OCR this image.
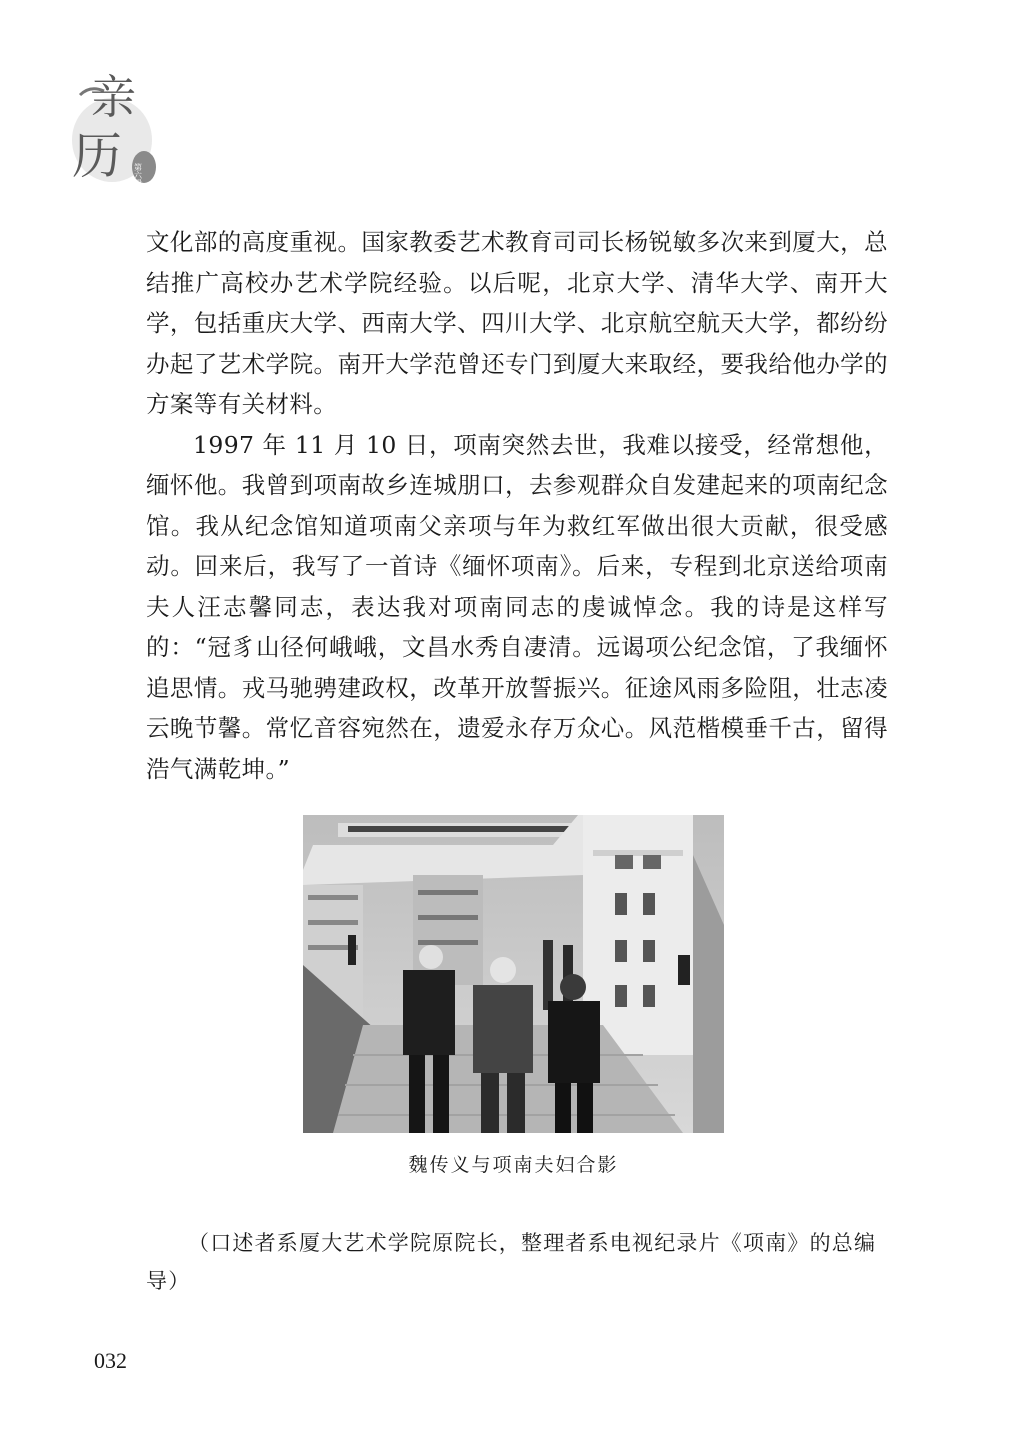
亲
历 第六辑

文化部的高度重视。国家教委艺术教育司司长杨锐敏多次来到厦大，总结推广高校办艺术学院经验。以后呢，北京大学、清华大学、南开大学，包括重庆大学、西南大学、四川大学、北京航空航天大学，都纷纷办起了艺术学院。南开大学范曾还专门到厦大来取经，要我给他办学的方案等有关材料。

1997 年 11 月 10 日，项南突然去世，我难以接受，经常想他，缅怀他。我曾到项南故乡连城朋口，去参观群众自发建起来的项南纪念馆。我从纪念馆知道项南父亲项与年为救红军做出很大贡献，很受感动。回来后，我写了一首诗《缅怀项南》。后来，专程到北京送给项南夫人汪志馨同志，表达我对项南同志的虔诚悼念。我的诗是这样写的：“冠豸山径何峨峨，文昌水秀自凄清。远谒项公纪念馆，了我缅怀追思情。戎马驰骋建政权，改革开放誓振兴。征途风雨多险阻，壮志凌云晚节馨。常忆音容宛然在，遗爱永存万众心。风范楷模垂千古，留得浩气满乾坤。”

魏传义与项南夫妇合影

（口述者系厦大艺术学院原院长，整理者系电视纪录片《项南》的总编导）

032
